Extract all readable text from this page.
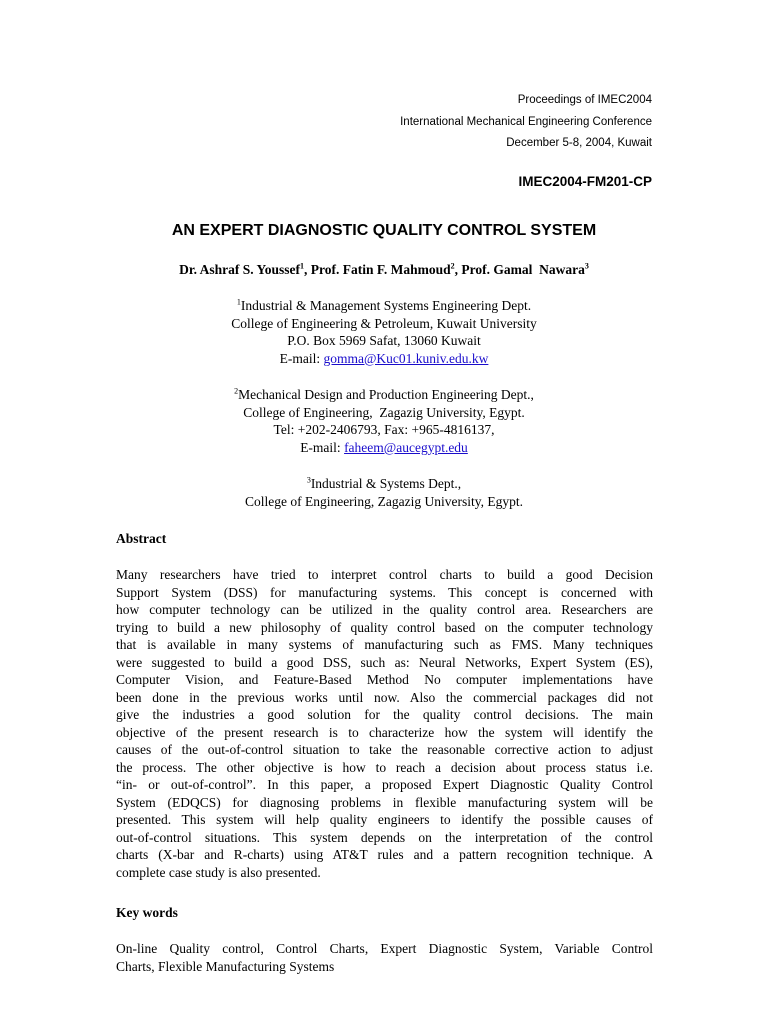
Proceedings of IMEC2004
International Mechanical Engineering Conference
December 5-8, 2004, Kuwait
IMEC2004-FM201-CP
AN EXPERT DIAGNOSTIC QUALITY CONTROL SYSTEM
Dr. Ashraf S. Youssef$^1$, Prof. Fatin F. Mahmoud$^2$, Prof. Gamal  Nawara$^3$
$^1$Industrial & Management Systems Engineering Dept.
College of Engineering & Petroleum, Kuwait University
P.O. Box 5969 Safat, 13060 Kuwait
E-mail: gomma@Kuc01.kuniv.edu.kw
$^2$Mechanical Design and Production Engineering Dept.,
College of Engineering,  Zagazig University, Egypt.
Tel: +202-2406793, Fax: +965-4816137,
E-mail: faheem@aucegypt.edu
$^3$Industrial & Systems Dept.,
College of Engineering, Zagazig University, Egypt.
Abstract
Many researchers have tried to interpret control charts to build a good Decision
Support System (DSS) for manufacturing systems. This concept is concerned with
how computer technology can be utilized in the quality control area. Researchers are
trying to build a new philosophy of quality control based on the computer technology
that is available in many systems of manufacturing such as FMS. Many techniques
were suggested to build a good DSS, such as: Neural Networks, Expert System (ES),
Computer Vision, and Feature-Based Method No computer implementations have
been done in the previous works until now. Also the commercial packages did not
give the industries a good solution for the quality control decisions. The main
objective of the present research is to characterize how the system will identify the
causes of the out-of-control situation to take the reasonable corrective action to adjust
the process. The other objective is how to reach a decision about process status i.e.
“in- or out-of-control”. In this paper, a proposed Expert Diagnostic Quality Control
System (EDQCS) for diagnosing problems in flexible manufacturing system will be
presented. This system will help quality engineers to identify the possible causes of
out-of-control situations. This system depends on the interpretation of the control
charts (X-bar and R-charts) using AT&T rules and a pattern recognition technique. A
complete case study is also presented.
Key words
On-line Quality control, Control Charts, Expert Diagnostic System, Variable Control
Charts, Flexible Manufacturing Systems
